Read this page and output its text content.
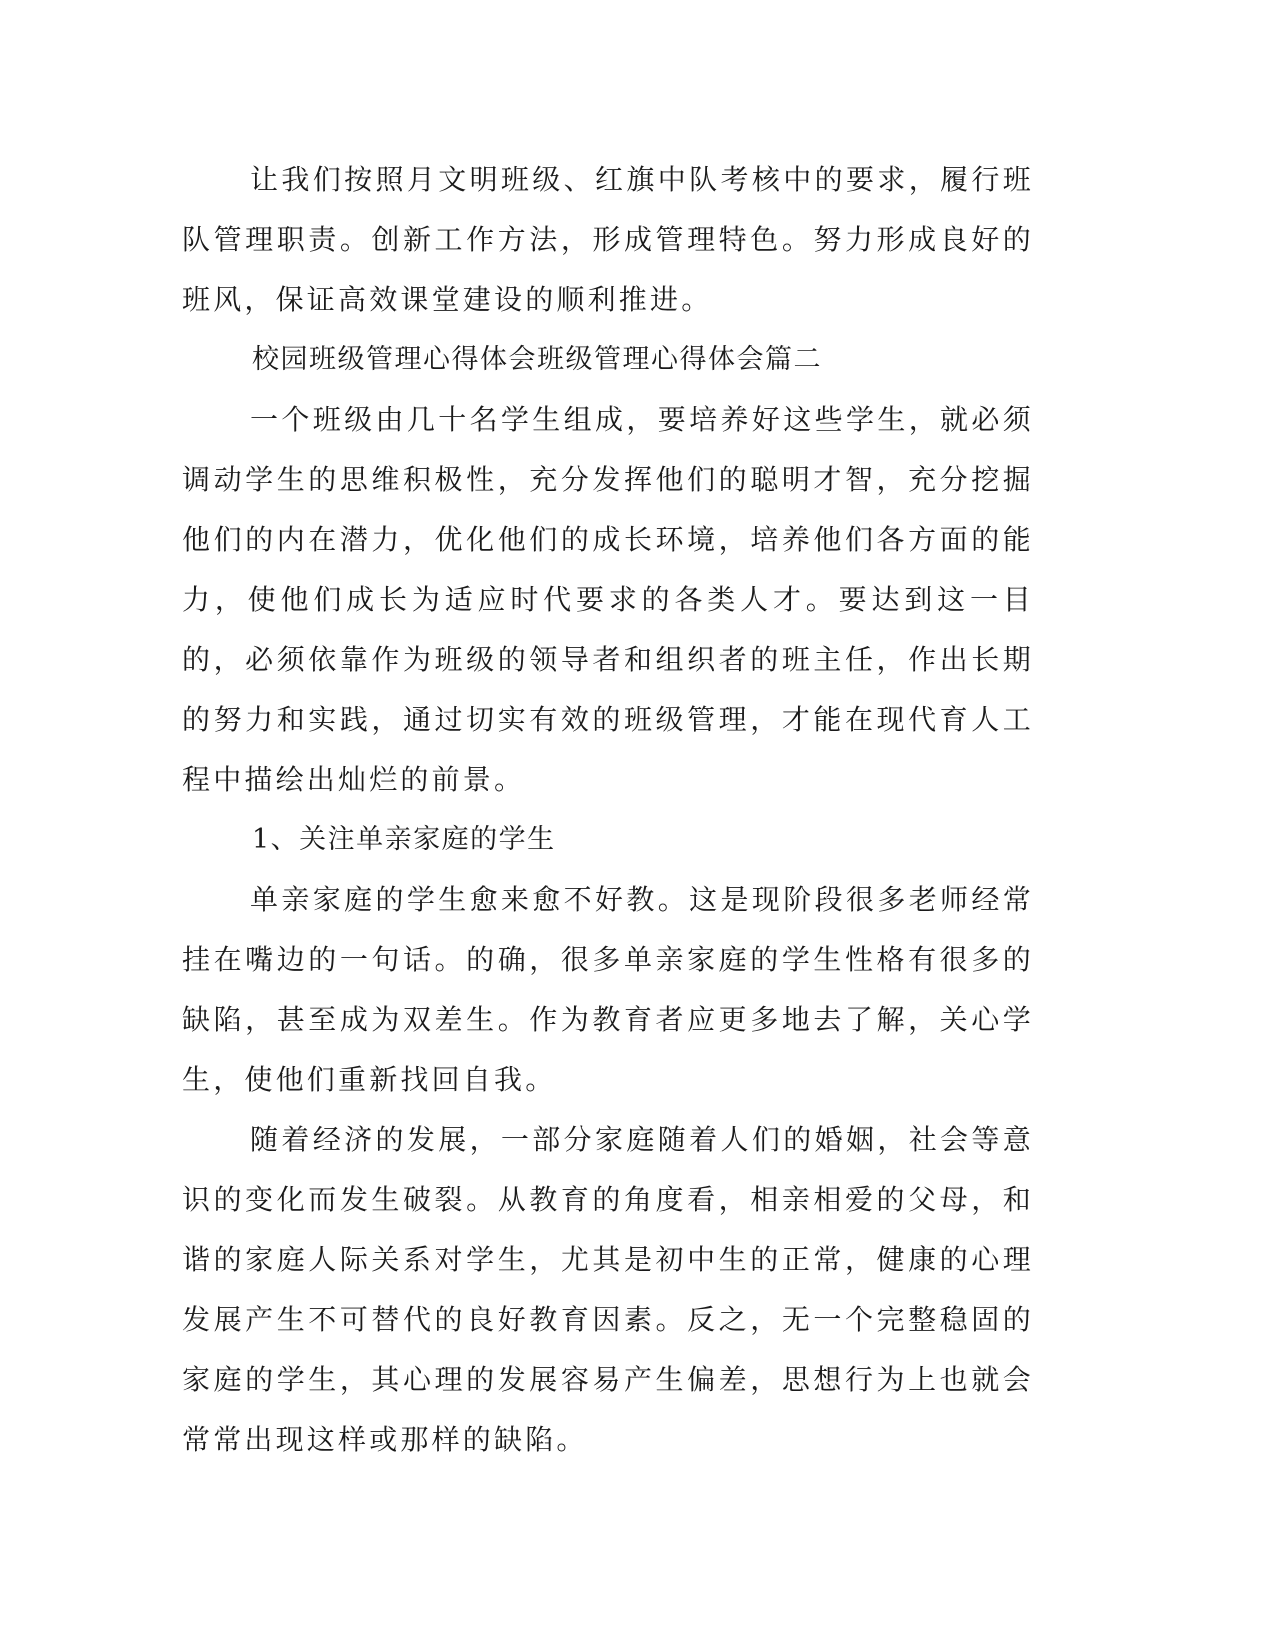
让我们按照月文明班级、红旗中队考核中的要求，履行班队管理职责。创新工作方法，形成管理特色。努力形成良好的班风，保证高效课堂建设的顺利推进。

校园班级管理心得体会班级管理心得体会篇二

一个班级由几十名学生组成，要培养好这些学生，就必须调动学生的思维积极性，充分发挥他们的聪明才智，充分挖掘他们的内在潜力，优化他们的成长环境，培养他们各方面的能力，使他们成长为适应时代要求的各类人才。要达到这一目的，必须依靠作为班级的领导者和组织者的班主任，作出长期的努力和实践，通过切实有效的班级管理，才能在现代育人工程中描绘出灿烂的前景。

1、关注单亲家庭的学生

单亲家庭的学生愈来愈不好教。这是现阶段很多老师经常挂在嘴边的一句话。的确，很多单亲家庭的学生性格有很多的缺陷，甚至成为双差生。作为教育者应更多地去了解，关心学生，使他们重新找回自我。

随着经济的发展，一部分家庭随着人们的婚姻，社会等意识的变化而发生破裂。从教育的角度看，相亲相爱的父母，和谐的家庭人际关系对学生，尤其是初中生的正常，健康的心理发展产生不可替代的良好教育因素。反之，无一个完整稳固的家庭的学生，其心理的发展容易产生偏差，思想行为上也就会常常出现这样或那样的缺陷。
